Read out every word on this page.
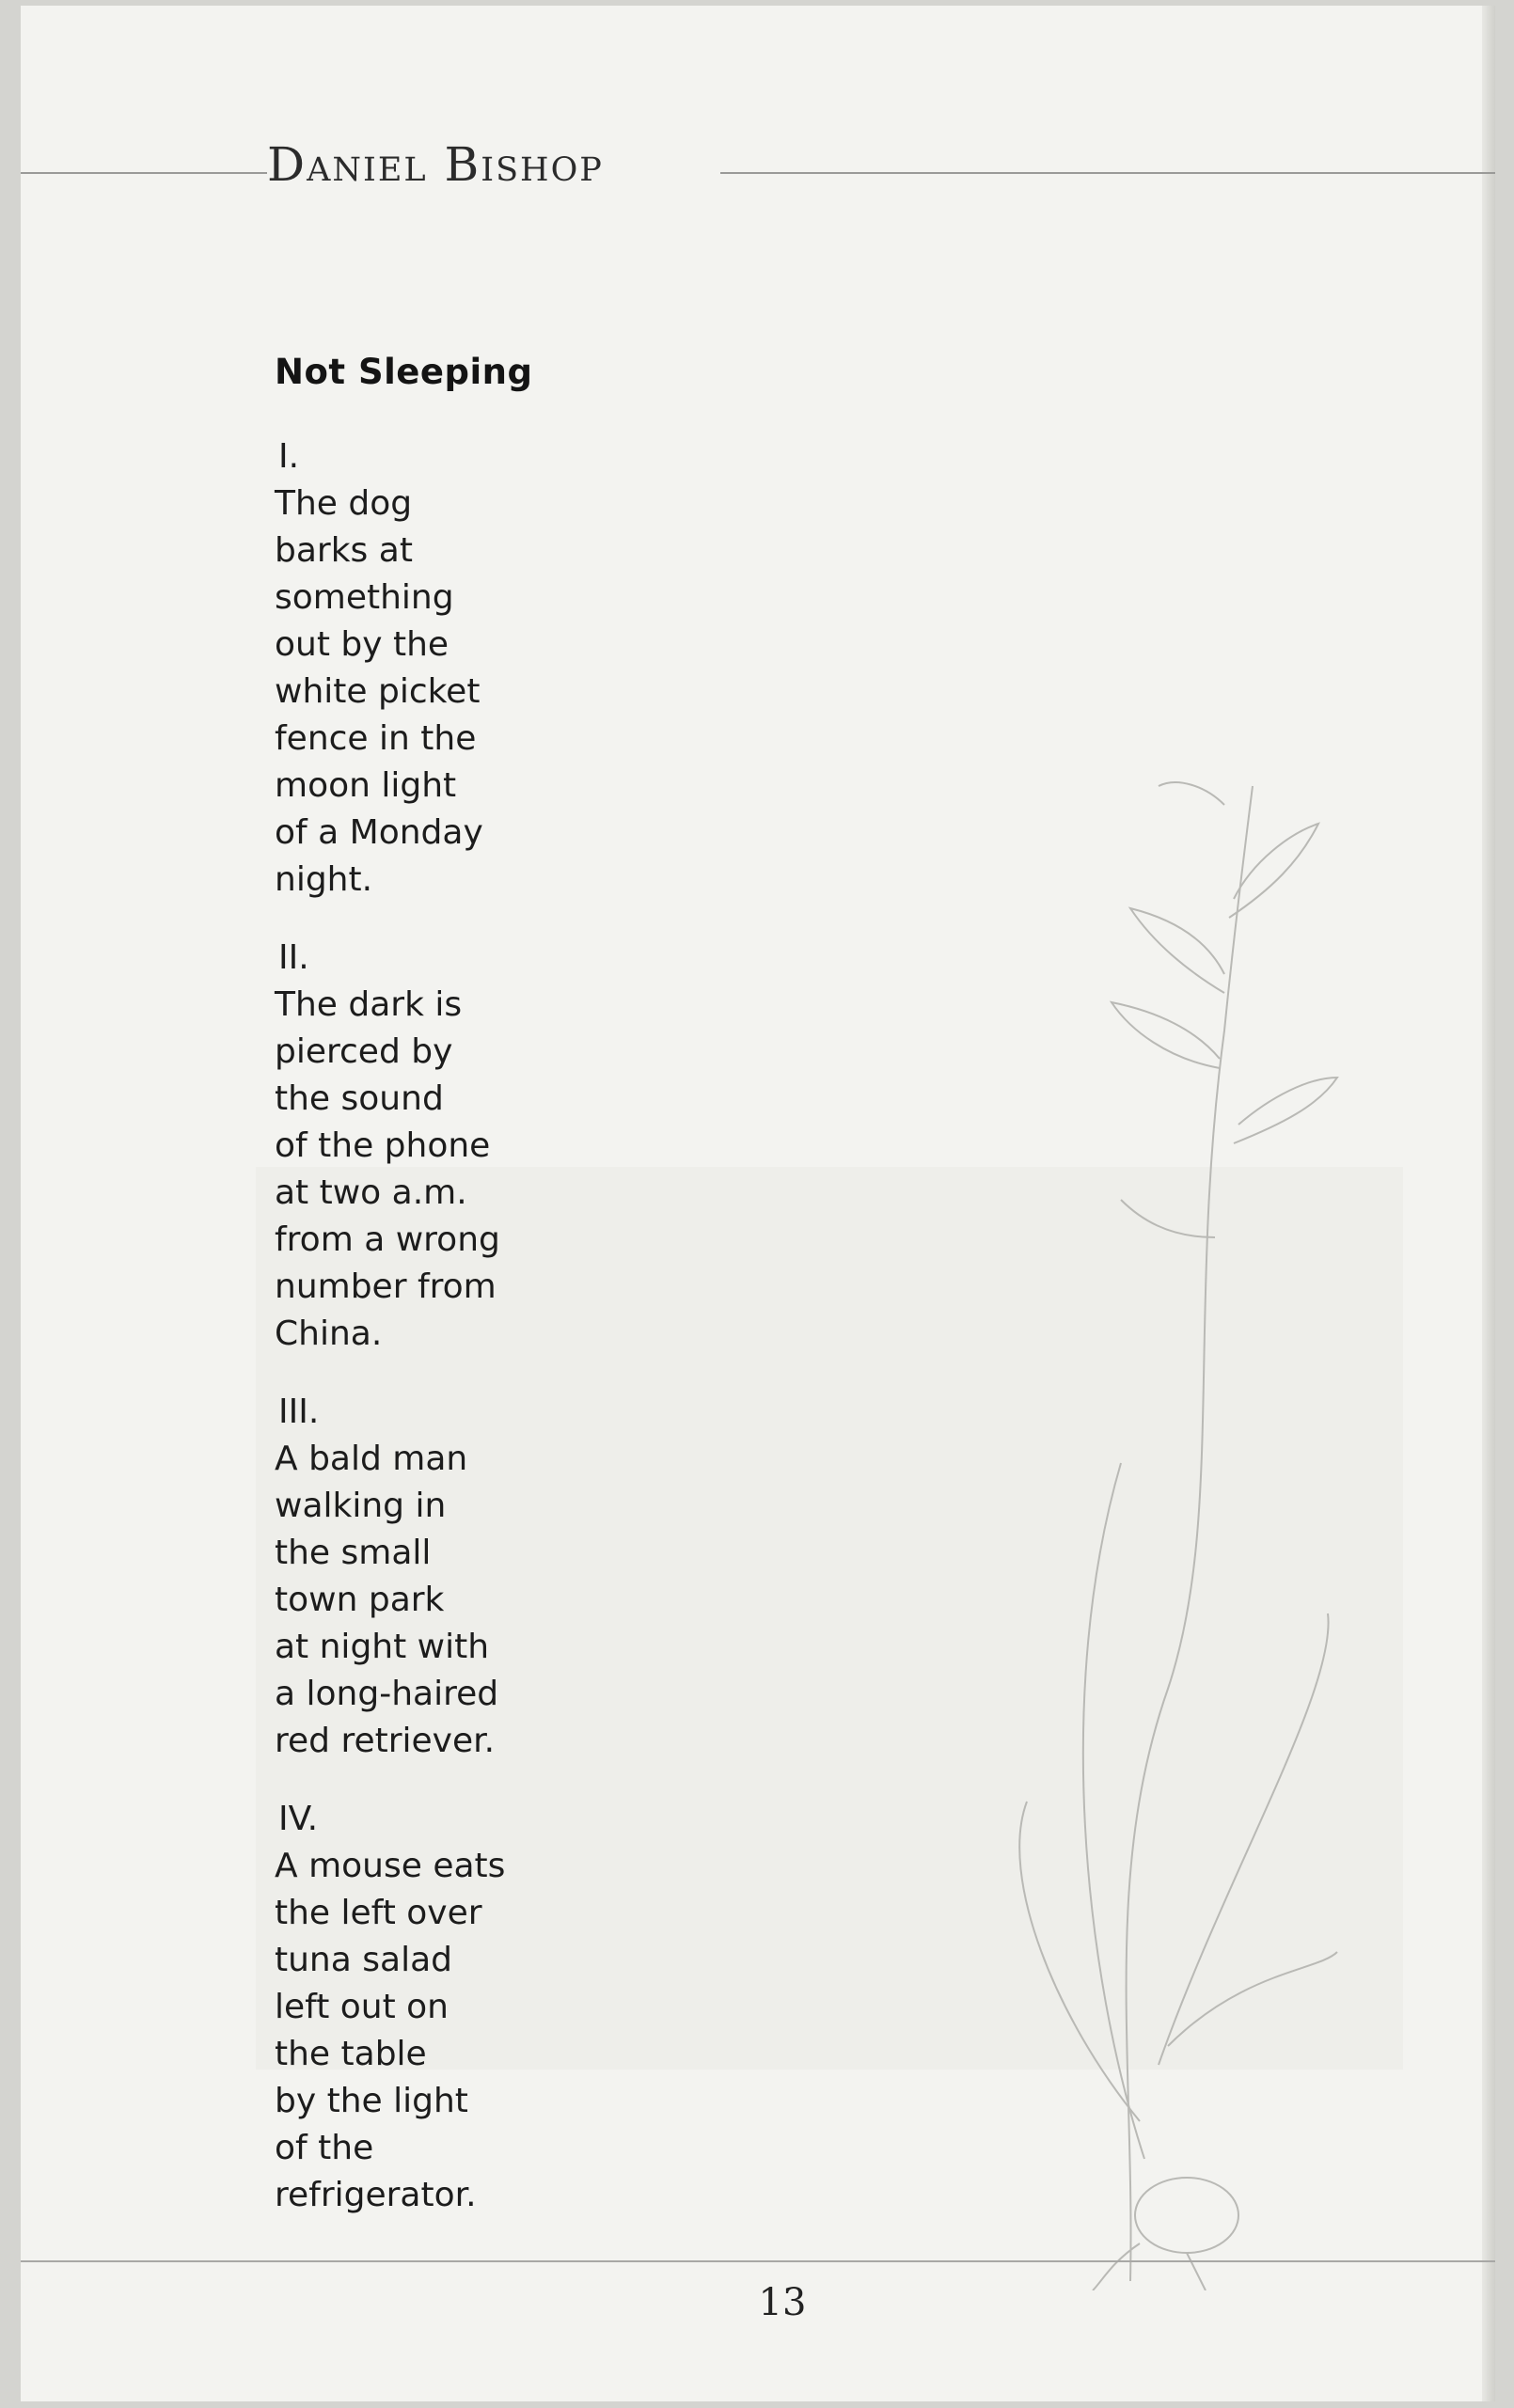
Daniel Bishop
Not Sleeping
I.
The dog
barks at
something
out by the
white picket
fence in the
moon light
of a Monday
night.
II.
The dark is
pierced by
the sound
of the phone
at two a.m.
from a wrong
number from
China.
III.
A bald man
walking in
the small
town park
at night with
a long-haired
red retriever.
IV.
A mouse eats
the left over
tuna salad
left out on
the table
by the light
of the
refrigerator.
13
